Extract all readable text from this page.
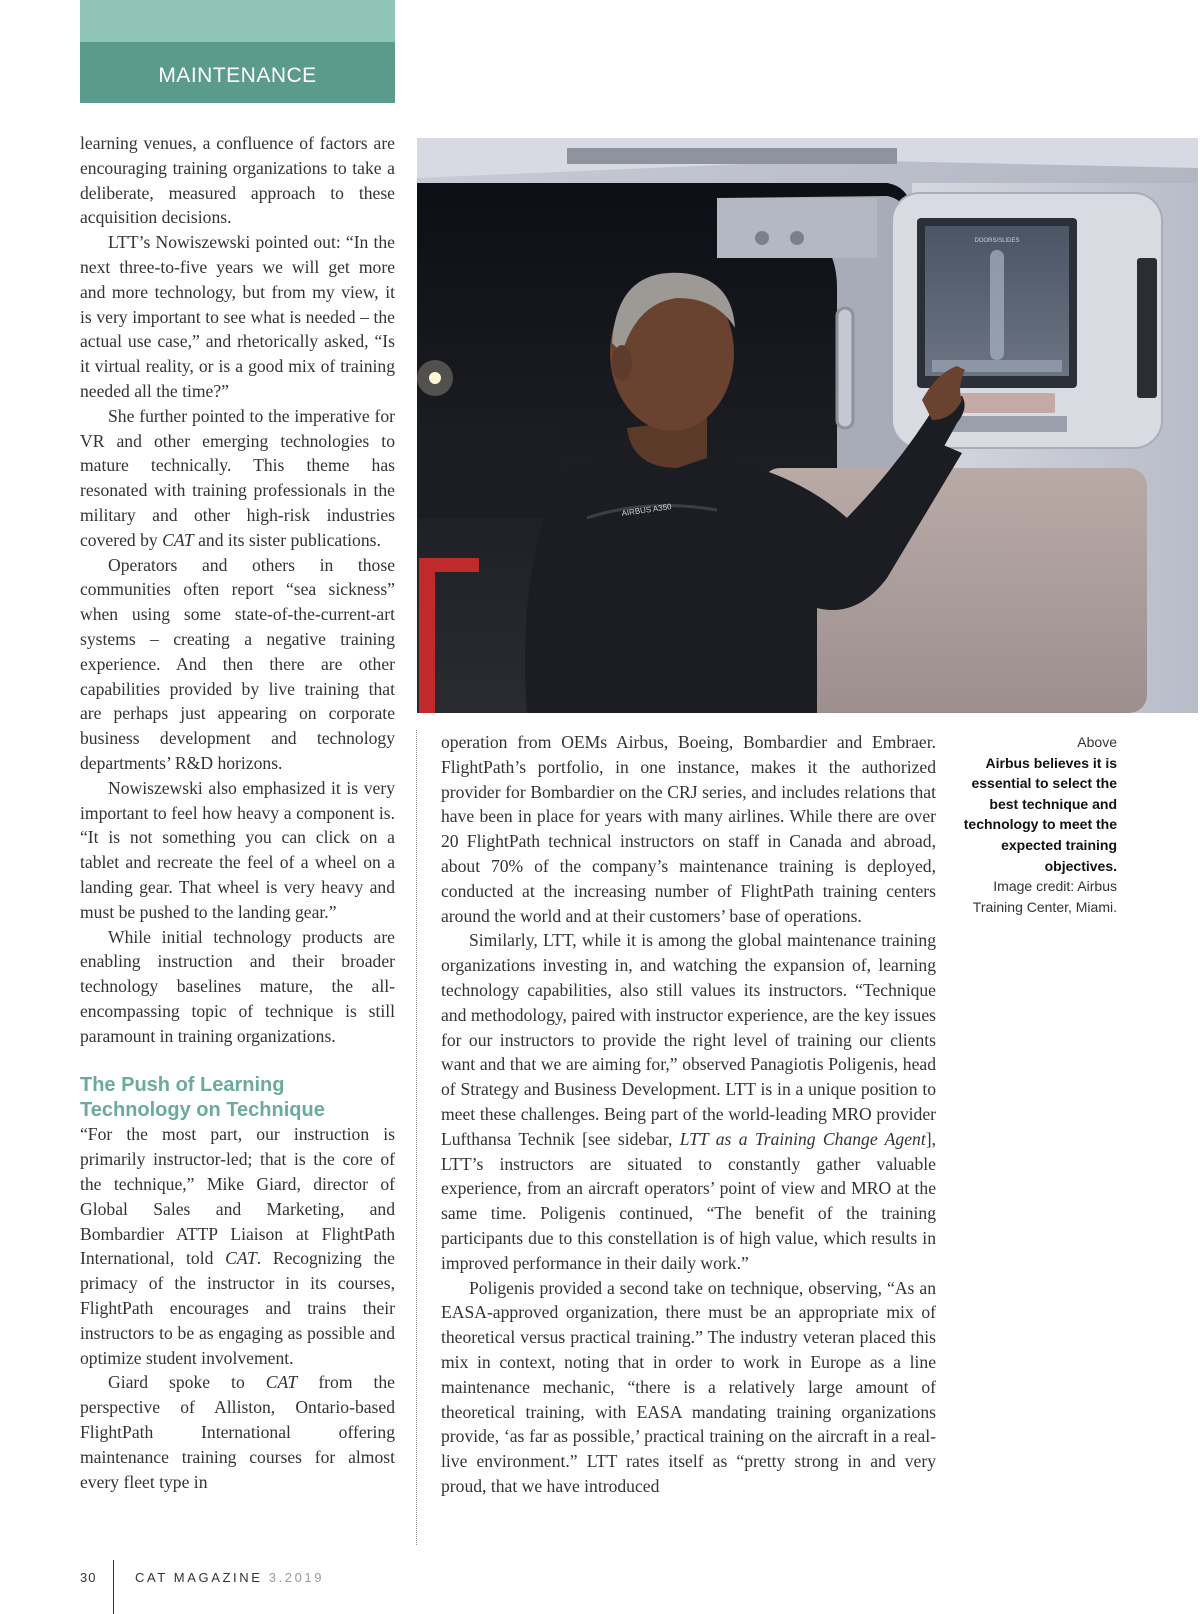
MAINTENANCE

learning venues, a confluence of factors are encouraging training organizations to take a deliberate, measured approach to these acquisition decisions.

LTT’s Nowiszewski pointed out: “In the next three-to-five years we will get more and more technology, but from my view, it is very important to see what is needed – the actual use case,” and rhetorically asked, “Is it virtual reality, or is a good mix of training needed all the time?”

She further pointed to the imperative for VR and other emerging technologies to mature technically. This theme has resonated with training professionals in the military and other high-risk industries covered by CAT and its sister publications.

Operators and others in those communities often report “sea sickness” when using some state-of-the-current-art systems – creating a negative training experience. And then there are other capabilities provided by live training that are perhaps just appearing on corporate business development and technology departments’ R&D horizons.

Nowiszewski also emphasized it is very important to feel how heavy a component is. “It is not something you can click on a tablet and recreate the feel of a wheel on a landing gear. That wheel is very heavy and must be pushed to the landing gear.”

While initial technology products are enabling instruction and their broader technology baselines mature, the all-encompassing topic of technique is still paramount in training organizations.

The Push of Learning Technology on Technique

“For the most part, our instruction is primarily instructor-led; that is the core of the technique,” Mike Giard, director of Global Sales and Marketing, and Bombardier ATTP Liaison at FlightPath International, told CAT. Recognizing the primacy of the instructor in its courses, FlightPath encourages and trains their instructors to be as engaging as possible and optimize student involvement.

Giard spoke to CAT from the perspective of Alliston, Ontario-based FlightPath International offering maintenance training courses for almost every fleet type in

DOORS/SLIDES
AIRBUS A350

operation from OEMs Airbus, Boeing, Bombardier and Embraer. FlightPath’s portfolio, in one instance, makes it the authorized provider for Bombardier on the CRJ series, and includes relations that have been in place for years with many airlines. While there are over 20 FlightPath technical instructors on staff in Canada and abroad, about 70% of the company’s maintenance training is deployed, conducted at the increasing number of FlightPath training centers around the world and at their customers’ base of operations.

Similarly, LTT, while it is among the global maintenance training organizations investing in, and watching the expansion of, learning technology capabilities, also still values its instructors. “Technique and methodology, paired with instructor experience, are the key issues for our instructors to provide the right level of training our clients want and that we are aiming for,” observed Panagiotis Poligenis, head of Strategy and Business Development. LTT is in a unique position to meet these challenges. Being part of the world-leading MRO provider Lufthansa Technik [see sidebar, LTT as a Training Change Agent], LTT’s instructors are situated to constantly gather valuable experience, from an aircraft operators’ point of view and MRO at the same time. Poligenis continued, “The benefit of the training participants due to this constellation is of high value, which results in improved performance in their daily work.”

Poligenis provided a second take on technique, observing, “As an EASA-approved organization, there must be an appropriate mix of theoretical versus practical training.” The industry veteran placed this mix in context, noting that in order to work in Europe as a line maintenance mechanic, “there is a relatively large amount of theoretical training, with EASA mandating training organizations provide, ‘as far as possible,’ practical training on the aircraft in a real-live environment.” LTT rates itself as “pretty strong in and very proud, that we have introduced

Above
Airbus believes it is essential to select the best technique and technology to meet the expected training objectives.
Image credit: Airbus Training Center, Miami.
30	CAT MAGAZINE 3.2019
